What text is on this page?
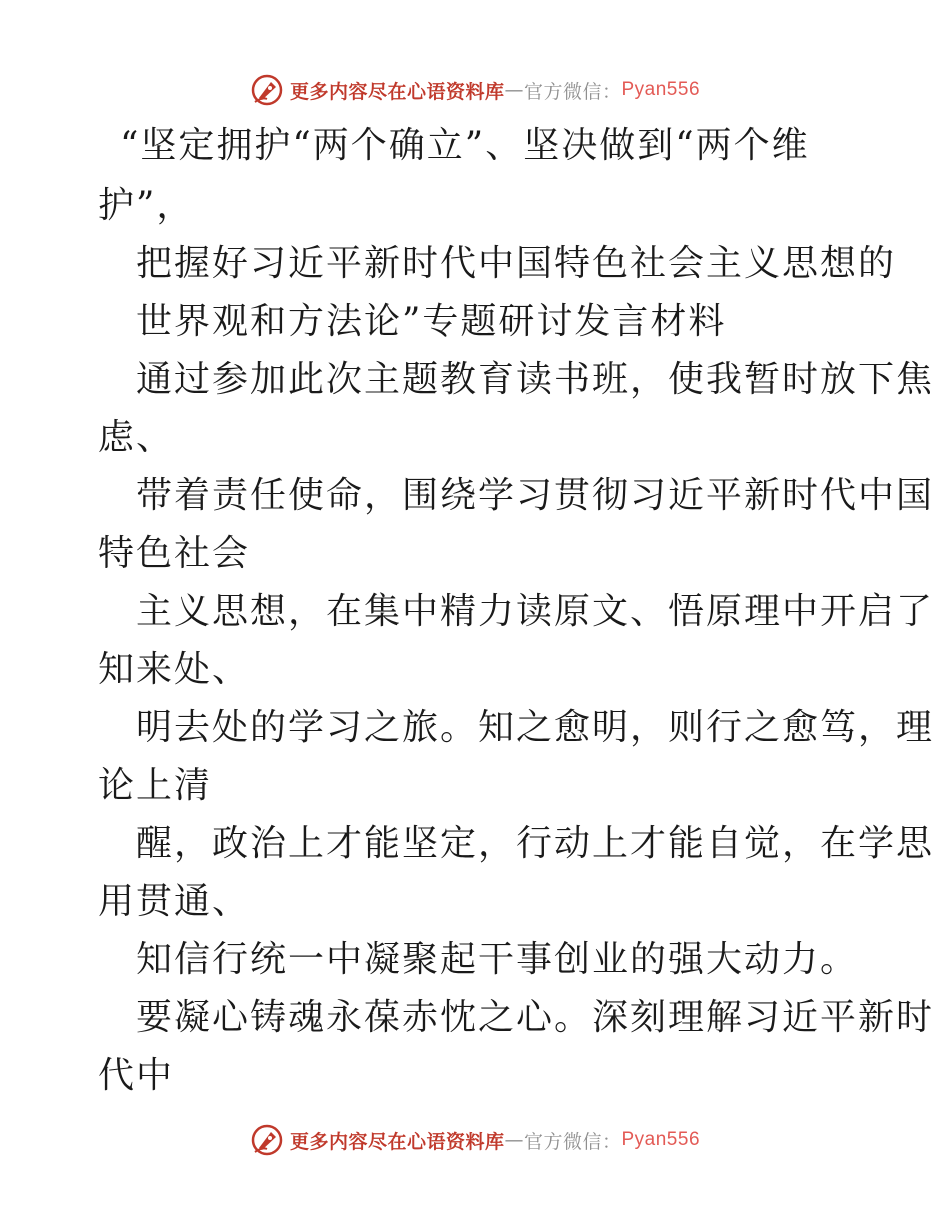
更多内容尽在心语资料库 — 官方微信： Pyan556
“坚定拥护“两个确立”、坚决做到“两个维
护”，
把握好习近平新时代中国特色社会主义思想的
世界观和方法论”专题研讨发言材料
通过参加此次主题教育读书班，使我暂时放下焦
虑、
带着责任使命，围绕学习贯彻习近平新时代中国
特色社会
主义思想，在集中精力读原文、悟原理中开启了
知来处、
明去处的学习之旅。知之愈明，则行之愈笃，理
论上清
醒，政治上才能坚定，行动上才能自觉，在学思
用贯通、
知信行统一中凝聚起干事创业的强大动力。
要凝心铸魂永葆赤忱之心。深刻理解习近平新时
代中
更多内容尽在心语资料库 — 官方微信： Pyan556
